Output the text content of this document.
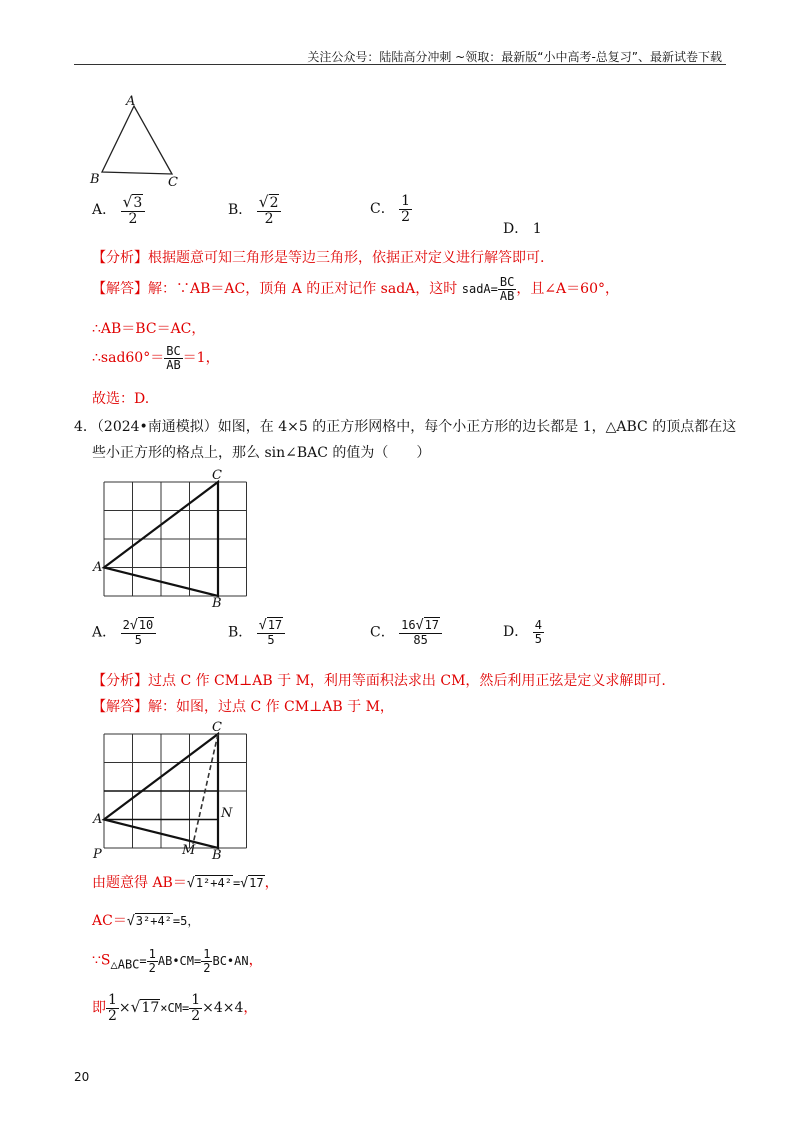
关注公众号：陆陆高分冲刺 ~领取：最新版“小中高考-总复习”、最新试卷下载
A
B	C
A． $\frac{√3}{2}$	B． $\frac{√2}{2}$	C． $\frac{1}{2}$
D． 1
【分析】根据题意可知三角形是等边三角形，依据正对定义进行解答即可.
【解答】解：∵AB＝AC，顶角 A 的正对记作 sadA，这时 sadA= $\frac{BC}{AB}$ ，且∠A＝60°，
∴AB＝BC＝AC，
∴sad60°＝ $\frac{BC}{AB} =1$，
故选：D.
4．（2024•南通模拟）如图，在 4×5 的正方形网格中，每个小正方形的边长都是 1，△ABC 的顶点都在这
些小正方形的格点上，那么 sin∠BAC 的值为（　　）
C
A
B
A． $\frac{2√10}{5}$	B． $\frac{√17}{5}$	C． $\frac{16√17}{85}$	D． $\frac{4}{5}$
【分析】过点 C 作 CM⊥AB 于 M，利用等面积法求出 CM，然后利用正弦是定义求解即可.
【解答】解：如图，过点 C 作 CM⊥AB 于 M，
C
A	N
P	M B
由题意得 AB＝√1²+4²=√17，
AC＝√3²+4²=5，
$\because S_{\triangle ABC}= \frac{1}{2}$ AB•CM= $\frac{1}{2}$ BC•AN，
即 $\frac{1}{2} \times√17\times CM= \frac{1}{2} \times 4\times 4$，
20
